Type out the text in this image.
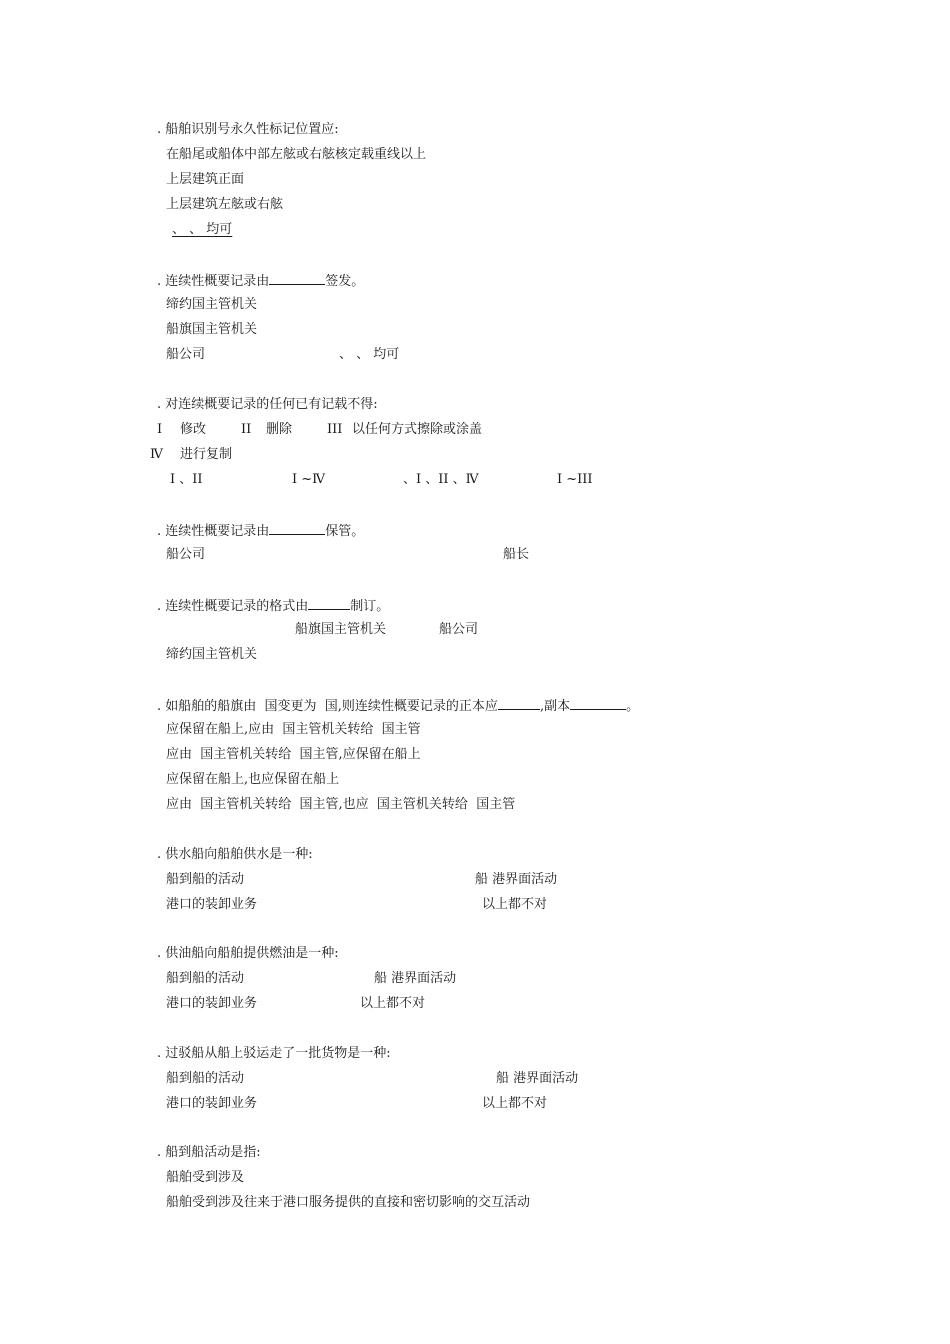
. 船舶识别号永久性标记位置应:
在船尾或船体中部左舷或右舷核定载重线以上
上层建筑正面
上层建筑左舷或右舷
、 、 均可
. 连续性概要记录由	签发。
缔约国主管机关
船旗国主管机关
船公司	、 、 均可
. 对连续概要记录的任何已有记载不得:
I 修改	II 删除	III 以任何方式擦除或涂盖
Ⅳ 进行复制
I 、II	I ~Ⅳ	、I 、II 、Ⅳ	I ~III
. 连续性概要记录由	保管。
船公司	船长
. 连续性概要记录的格式由	制订。
船旗国主管机关	船公司
缔约国主管机关
. 如船舶的船旗由  国变更为  国,则连续性概要记录的正本应	,副本	。
应保留在船上,应由  国主管机关转给  国主管
应由  国主管机关转给  国主管,应保留在船上
应保留在船上,也应保留在船上
应由  国主管机关转给  国主管,也应  国主管机关转给  国主管
. 供水船向船舶供水是一种:
船到船的活动	船 港界面活动
港口的装卸业务	以上都不对
. 供油船向船舶提供燃油是一种:
船到船的活动	船 港界面活动
港口的装卸业务	以上都不对
. 过驳船从船上驳运走了一批货物是一种:
船到船的活动	船 港界面活动
港口的装卸业务	以上都不对
. 船到船活动是指:
船舶受到涉及
船舶受到涉及往来于港口服务提供的直接和密切影响的交互活动
